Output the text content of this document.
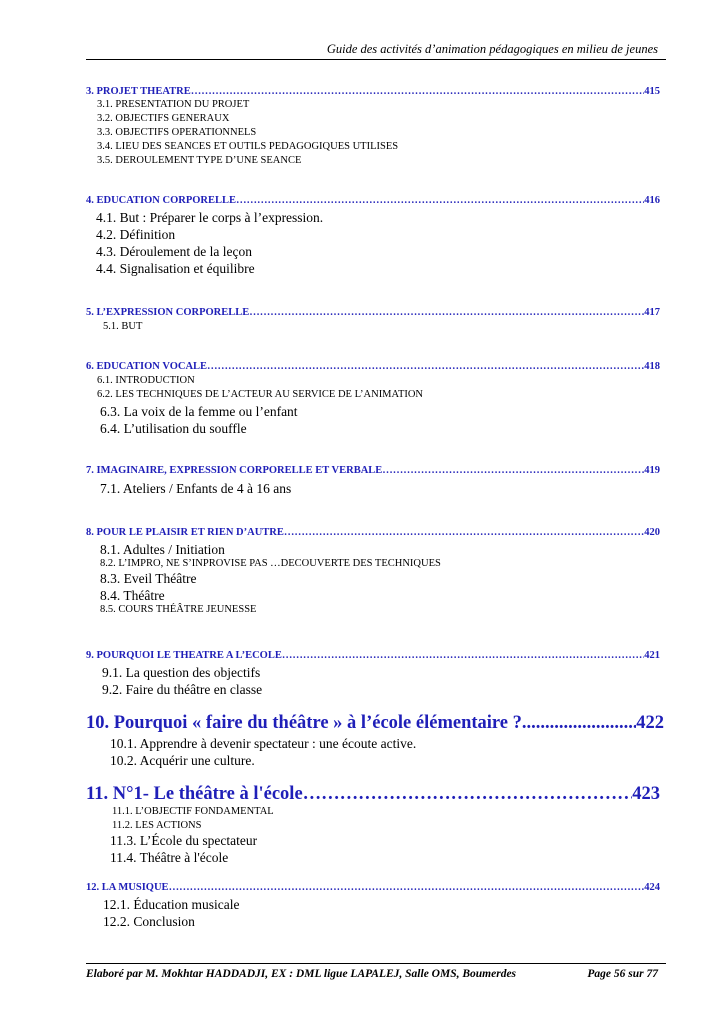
Guide des activités d’animation pédagogiques en milieu de jeunes
3. PROJET THEATRE ……………………………………………………………………………………………………………………………………………………………………	415
3.1. PRESENTATION DU PROJET
3.2. OBJECTIFS GENERAUX
3.3. OBJECTIFS OPERATIONNELS
3.4. LIEU DES SEANCES ET OUTILS PEDAGOGIQUES UTILISES
3.5. DEROULEMENT TYPE D’UNE SEANCE
4. EDUCATION CORPORELLE ……………………………………………………………………………………………………………………………………………………………………	416
4.1. But : Préparer le corps à l’expression.
4.2. Définition
4.3. Déroulement de la leçon
4.4. Signalisation et équilibre
5. L’EXPRESSION CORPORELLE ……………………………………………………………………………………………………………………………………………………………………	417
5.1. BUT
6. EDUCATION VOCALE ……………………………………………………………………………………………………………………………………………………………………	418
6.1. INTRODUCTION
6.2. LES TECHNIQUES DE L’ACTEUR AU SERVICE DE L’ANIMATION
6.3. La voix de la femme ou l’enfant
6.4. L’utilisation du souffle
7. IMAGINAIRE, EXPRESSION CORPORELLE ET VERBALE ……………………………………………………………………………………………………………………………………………………………………	419
7.1. Ateliers / Enfants de 4 à 16 ans
8. POUR LE PLAISIR ET RIEN D’AUTRE ……………………………………………………………………………………………………………………………………………………………………	420
8.1. Adultes / Initiation
8.2. L’IMPRO, NE S’INPROVISE PAS …DECOUVERTE DES TECHNIQUES
8.3. Eveil Théâtre
8.4. Théâtre
8.5. COURS THÉÂTRE JEUNESSE
9. POURQUOI LE THEATRE A L’ECOLE ……………………………………………………………………………………………………………………………………………………………………	421
9.1. La question des objectifs
9.2. Faire du théâtre en classe
10. Pourquoi « faire du théâtre » à l’école élémentaire ? .....	422
10.1. Apprendre à devenir spectateur : une écoute active.
10.2. Acquérir une culture.
11. N°1- Le théâtre à l'école ……………………………………………………………………………………………………………………………	423
11.1. L’OBJECTIF FONDAMENTAL
11.2. LES ACTIONS
11.3. L’École du spectateur
11.4. Théâtre à l'école
12. LA MUSIQUE ……………………………………………………………………………………………………………………………………………………………………	424
12.1. Éducation musicale
12.2. Conclusion
Elaboré par M. Mokhtar HADDADJI, EX : DML ligue LAPALEJ, Salle OMS, Boumerdes	Page 56 sur 77
